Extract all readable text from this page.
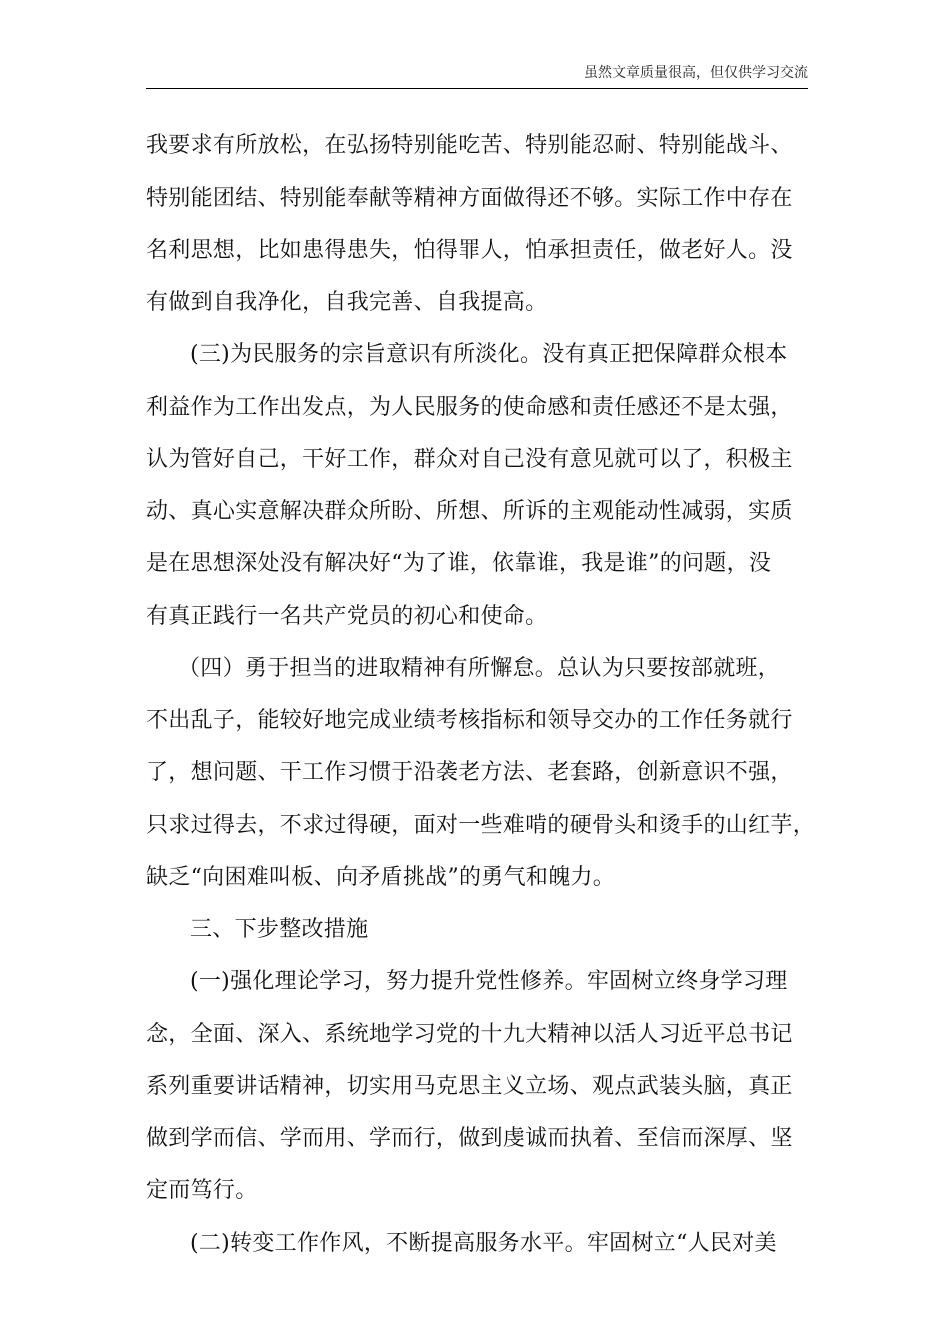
虽然文章质量很高，但仅供学习交流
我要求有所放松，在弘扬特别能吃苦、特别能忍耐、特别能战斗、
特别能团结、特别能奉献等精神方面做得还不够。实际工作中存在
名利思想，比如患得患失，怕得罪人，怕承担责任，做老好人。没
有做到自我净化，自我完善、自我提高。
(三)为民服务的宗旨意识有所淡化。没有真正把保障群众根本
利益作为工作出发点，为人民服务的使命感和责任感还不是太强，
认为管好自己，干好工作，群众对自己没有意见就可以了，积极主
动、真心实意解决群众所盼、所想、所诉的主观能动性减弱，实质
是在思想深处没有解决好“为了谁，依靠谁，我是谁”的问题，没
有真正践行一名共产党员的初心和使命。
（四）勇于担当的进取精神有所懈怠。总认为只要按部就班，
不出乱子，能较好地完成业绩考核指标和领导交办的工作任务就行
了，想问题、干工作习惯于沿袭老方法、老套路，创新意识不强，
只求过得去，不求过得硬，面对一些难啃的硬骨头和烫手的山红芋，
缺乏“向困难叫板、向矛盾挑战”的勇气和魄力。
三、下步整改措施
(一)强化理论学习，努力提升党性修养。牢固树立终身学习理
念，全面、深入、系统地学习党的十九大精神以活人习近平总书记
系列重要讲话精神，切实用马克思主义立场、观点武装头脑，真正
做到学而信、学而用、学而行，做到虔诚而执着、至信而深厚、坚
定而笃行。
(二)转变工作作风，不断提高服务水平。牢固树立“人民对美
